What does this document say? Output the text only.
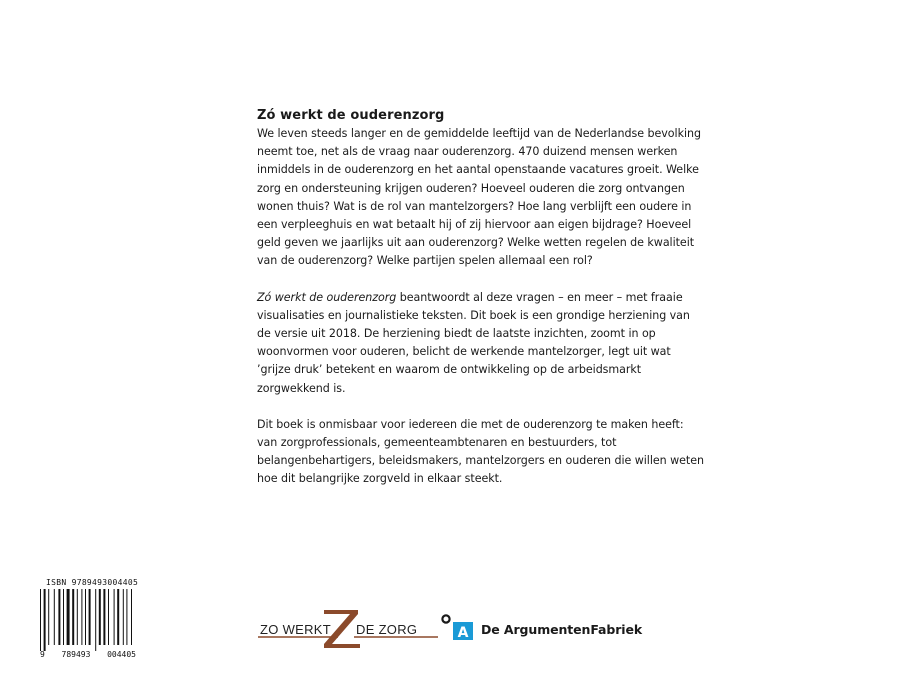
Zó werkt de ouderenzorg

We leven steeds langer en de gemiddelde leeftijd van de Nederlandse bevolking neemt toe, net als de vraag naar ouderenzorg. 470 duizend mensen werken inmiddels in de ouderenzorg en het aantal openstaande vacatures groeit. Welke zorg en ondersteuning krijgen ouderen? Hoeveel ouderen die zorg ontvangen wonen thuis? Wat is de rol van mantelzorgers? Hoe lang verblijft een oudere in een verpleeghuis en wat betaalt hij of zij hiervoor aan eigen bijdrage? Hoeveel geld geven we jaarlijks uit aan ouderenzorg? Welke wetten regelen de kwaliteit van de ouderenzorg? Welke partijen spelen allemaal een rol?

Zó werkt de ouderenzorg beantwoordt al deze vragen – en meer – met fraaie visualisaties en journalistieke teksten. Dit boek is een grondige herziening van de versie uit 2018. De herziening biedt de laatste inzichten, zoomt in op woonvormen voor ouderen, belicht de werkende mantelzorger, legt uit wat ’grijze druk’ betekent en waarom de ontwikkeling op de arbeidsmarkt zorgwekkend is.

Dit boek is onmisbaar voor iedereen die met de ouderenzorg te maken heeft: van zorgprofessionals, gemeenteambtenaren en bestuurders, tot belangenbehartigers, beleidsmakers, mantelzorgers en ouderen die willen weten hoe dit belangrijke zorgveld in elkaar steekt.

ISBN 9789493004405
9 789493 004405
ZO WERKT DE ZORG	A De ArgumentenFabriek
